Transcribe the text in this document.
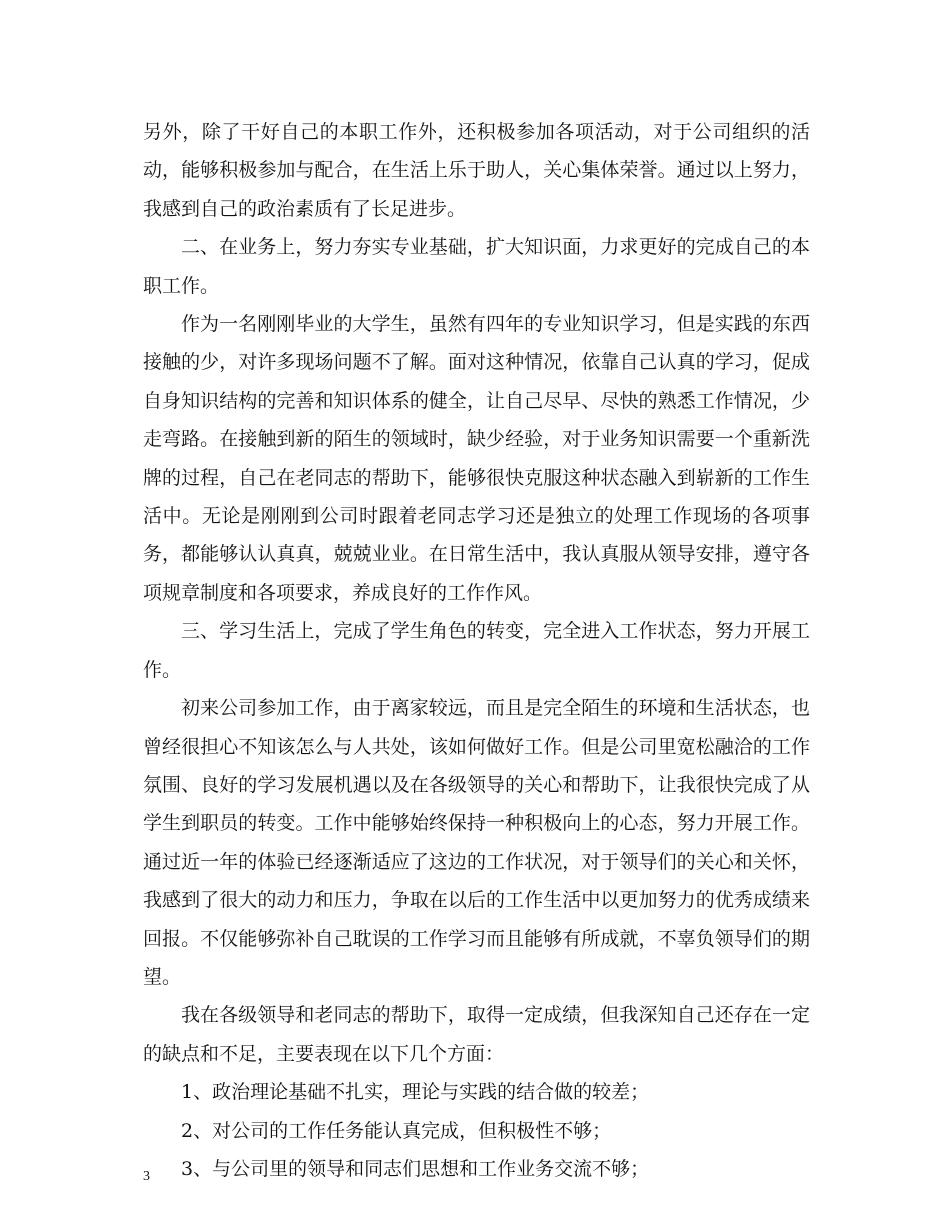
另外，除了干好自己的本职工作外，还积极参加各项活动，对于公司组织的活动，能够积极参加与配合，在生活上乐于助人，关心集体荣誉。通过以上努力，我感到自己的政治素质有了长足进步。

二、在业务上，努力夯实专业基础，扩大知识面，力求更好的完成自己的本职工作。

作为一名刚刚毕业的大学生，虽然有四年的专业知识学习，但是实践的东西接触的少，对许多现场问题不了解。面对这种情况，依靠自己认真的学习，促成自身知识结构的完善和知识体系的健全，让自己尽早、尽快的熟悉工作情况，少走弯路。在接触到新的陌生的领域时，缺少经验，对于业务知识需要一个重新洗牌的过程，自己在老同志的帮助下，能够很快克服这种状态融入到崭新的工作生活中。无论是刚刚到公司时跟着老同志学习还是独立的处理工作现场的各项事务，都能够认认真真，兢兢业业。在日常生活中，我认真服从领导安排，遵守各项规章制度和各项要求，养成良好的工作作风。

三、学习生活上，完成了学生角色的转变，完全进入工作状态，努力开展工作。

初来公司参加工作，由于离家较远，而且是完全陌生的环境和生活状态，也曾经很担心不知该怎么与人共处，该如何做好工作。但是公司里宽松融洽的工作氛围、良好的学习发展机遇以及在各级领导的关心和帮助下，让我很快完成了从学生到职员的转变。工作中能够始终保持一种积极向上的心态，努力开展工作。通过近一年的体验已经逐渐适应了这边的工作状况，对于领导们的关心和关怀，我感到了很大的动力和压力，争取在以后的工作生活中以更加努力的优秀成绩来回报。不仅能够弥补自己耽误的工作学习而且能够有所成就，不辜负领导们的期望。

我在各级领导和老同志的帮助下，取得一定成绩，但我深知自己还存在一定的缺点和不足，主要表现在以下几个方面：

1、政治理论基础不扎实，理论与实践的结合做的较差；

2、对公司的工作任务能认真完成，但积极性不够；

3、与公司里的领导和同志们思想和工作业务交流不够；

3
